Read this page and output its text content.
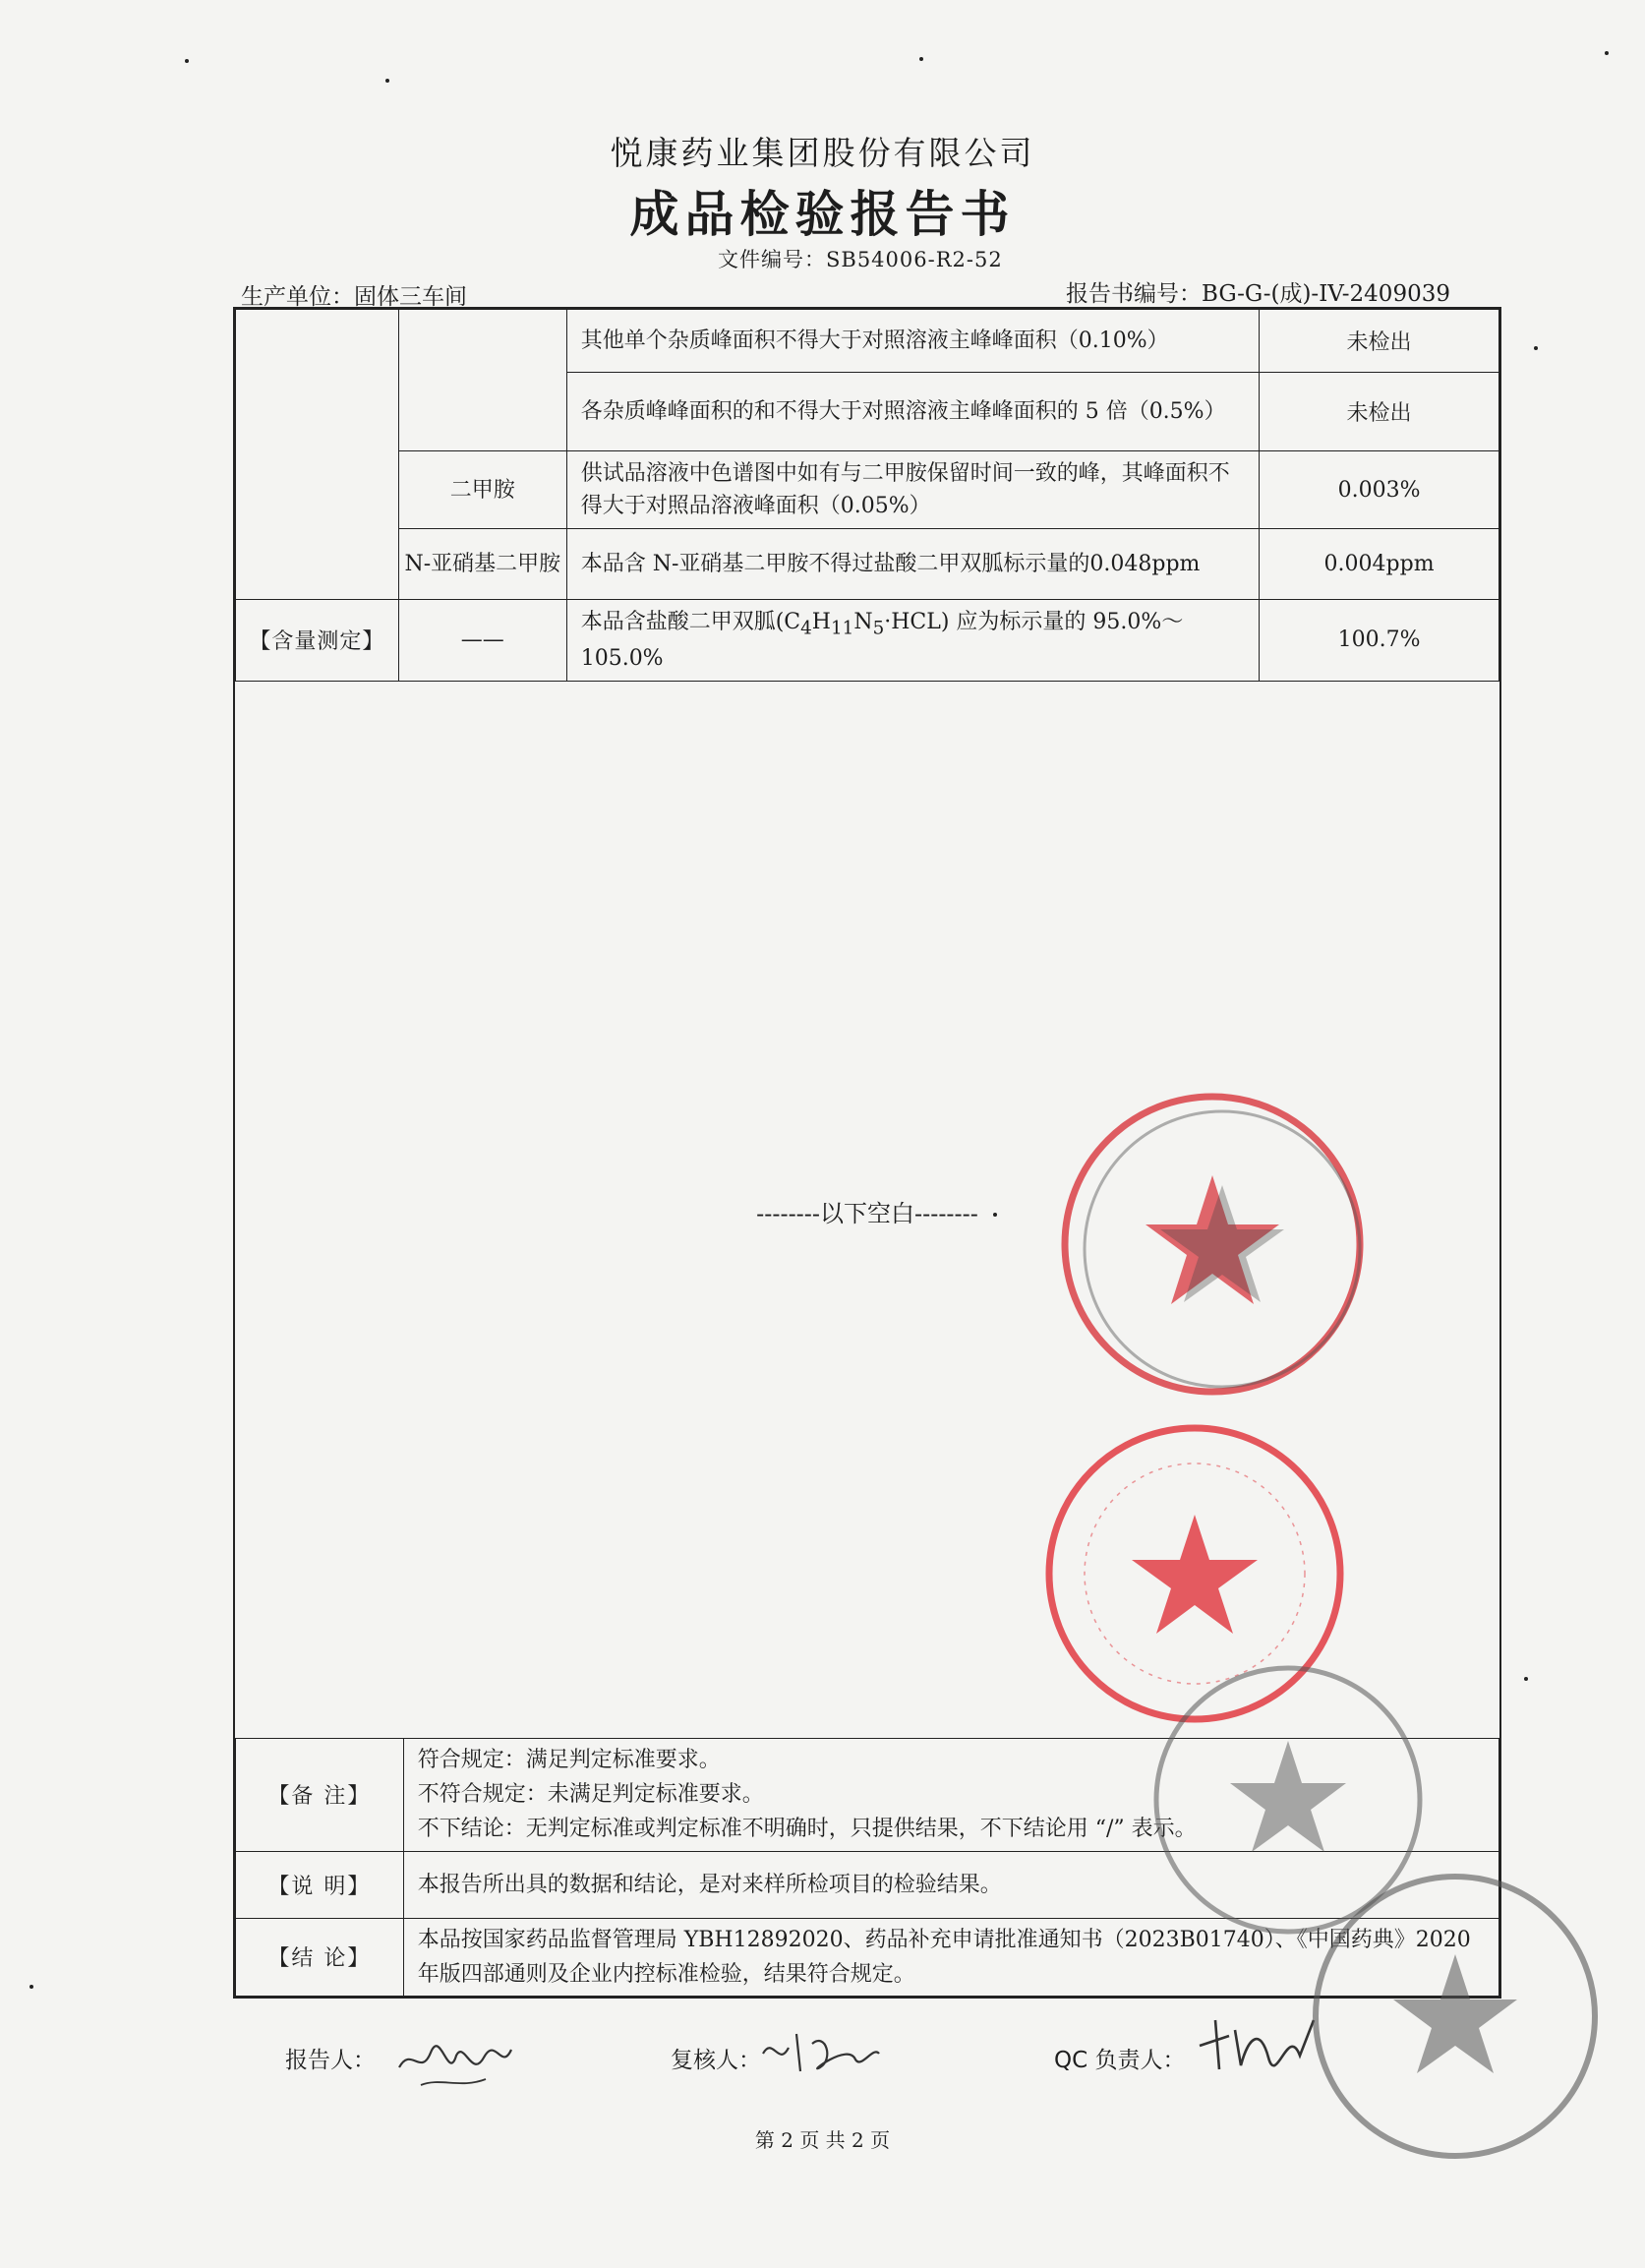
悦康药业集团股份有限公司
成品检验报告书
文件编号：SB54006-R2-52
生产单位：固体三车间	报告书编号：BG-G-(成)-IV-2409039
		其他单个杂质峰面积不得大于对照溶液主峰峰面积（0.10%）	未检出
		各杂质峰峰面积的和不得大于对照溶液主峰峰面积的 5 倍（0.5%）	未检出
	二甲胺	供试品溶液中色谱图中如有与二甲胺保留时间一致的峰，其峰面积不得大于对照品溶液峰面积（0.05%）	0.003%
	N-亚硝基二甲胺	本品含 N-亚硝基二甲胺不得过盐酸二甲双胍标示量的0.048ppm	0.004ppm
【含量测定】	——	本品含盐酸二甲双胍$(C_4H_{11}N_5\cdot HCL)$ 应为标示量的 95.0%～105.0%	100.7%
--------以下空白--------
【备 注】	符合规定：满足判定标准要求。
不符合规定：未满足判定标准要求。
不下结论：无判定标准或判定标准不明确时，只提供结果，不下结论用 “/” 表示。

【说 明】	本报告所出具的数据和结论，是对来样所检项目的检验结果。
【结 论】	本品按国家药品监督管理局 YBH12892020、药品补充申请批准通知书（2023B01740）、《中国药典》2020 年版四部通则及企业内控标准检验，结果符合规定。
报告人：	复核人：	QC 负责人：
第 2 页 共 2 页
